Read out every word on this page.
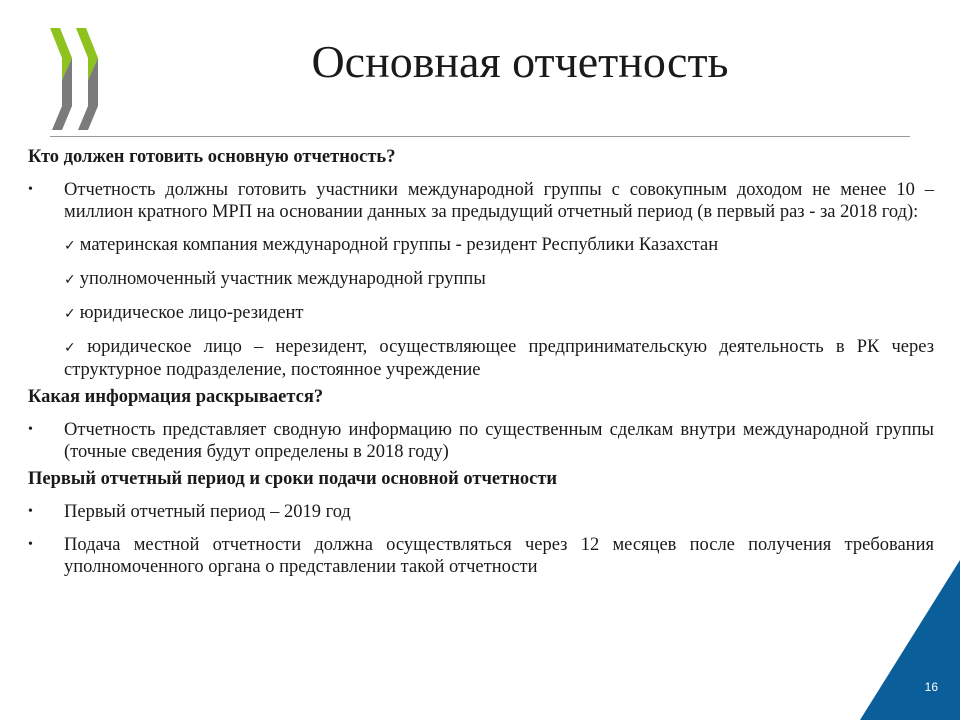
Основная отчетность
Кто должен готовить основную отчетность?
• Отчетность должны готовить участники международной группы с совокупным доходом не менее 10 – миллион кратного МРП на основании данных за предыдущий отчетный период (в первый раз - за 2018 год):
✓ материнская компания международной группы - резидент Республики Казахстан
✓ уполномоченный участник международной группы
✓ юридическое лицо-резидент
✓ юридическое лицо – нерезидент, осуществляющее предпринимательскую деятельность в РК через структурное подразделение, постоянное учреждение
Какая информация раскрывается?
• Отчетность представляет сводную информацию по существенным сделкам внутри международной группы (точные сведения будут определены в 2018 году)
Первый отчетный период и сроки подачи основной отчетности
• Первый отчетный период – 2019 год
• Подача местной отчетности должна осуществляться через 12 месяцев после получения требования уполномоченного органа о представлении такой отчетности
16
